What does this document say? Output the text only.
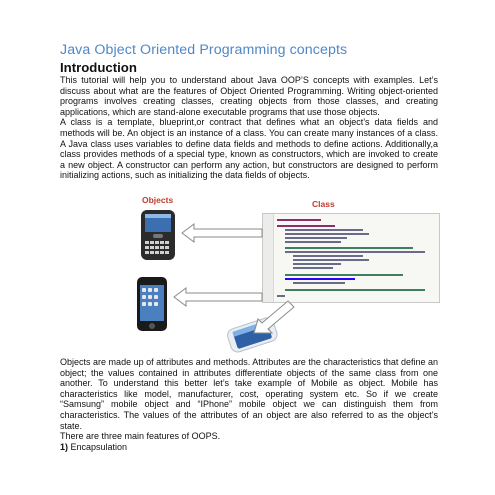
Java Object Oriented Programming concepts
Introduction

This tutorial will help you to understand about Java OOP’S concepts with examples. Let’s discuss about what are the features of Object Oriented Programming. Writing object-oriented programs involves creating classes, creating objects from those classes, and creating applications, which are stand-alone executable programs that use those objects.

A class is a template, blueprint,or contract that defines what an object’s data fields and methods will be. An object is an instance of a class. You can create many instances of a class. A Java class uses variables to define data fields and methods to define actions. Additionally,a class provides methods of a special type, known as constructors, which are invoked to create a new object. A constructor can perform any action, but constructors are designed to perform initializing actions, such as initializing the data fields of objects.

Objects	Class

Objects are made up of attributes and methods. Attributes are the characteristics that define an object; the values contained in attributes differentiate objects of the same class from one another. To understand this better let’s take example of Mobile as object. Mobile has characteristics like model, manufacturer, cost, operating system etc. So if we create “Samsung” mobile object and “IPhone” mobile object we can distinguish them from characteristics. The values of the attributes of an object are also referred to as the object’s state.

There are three main features of OOPS.

1) Encapsulation
